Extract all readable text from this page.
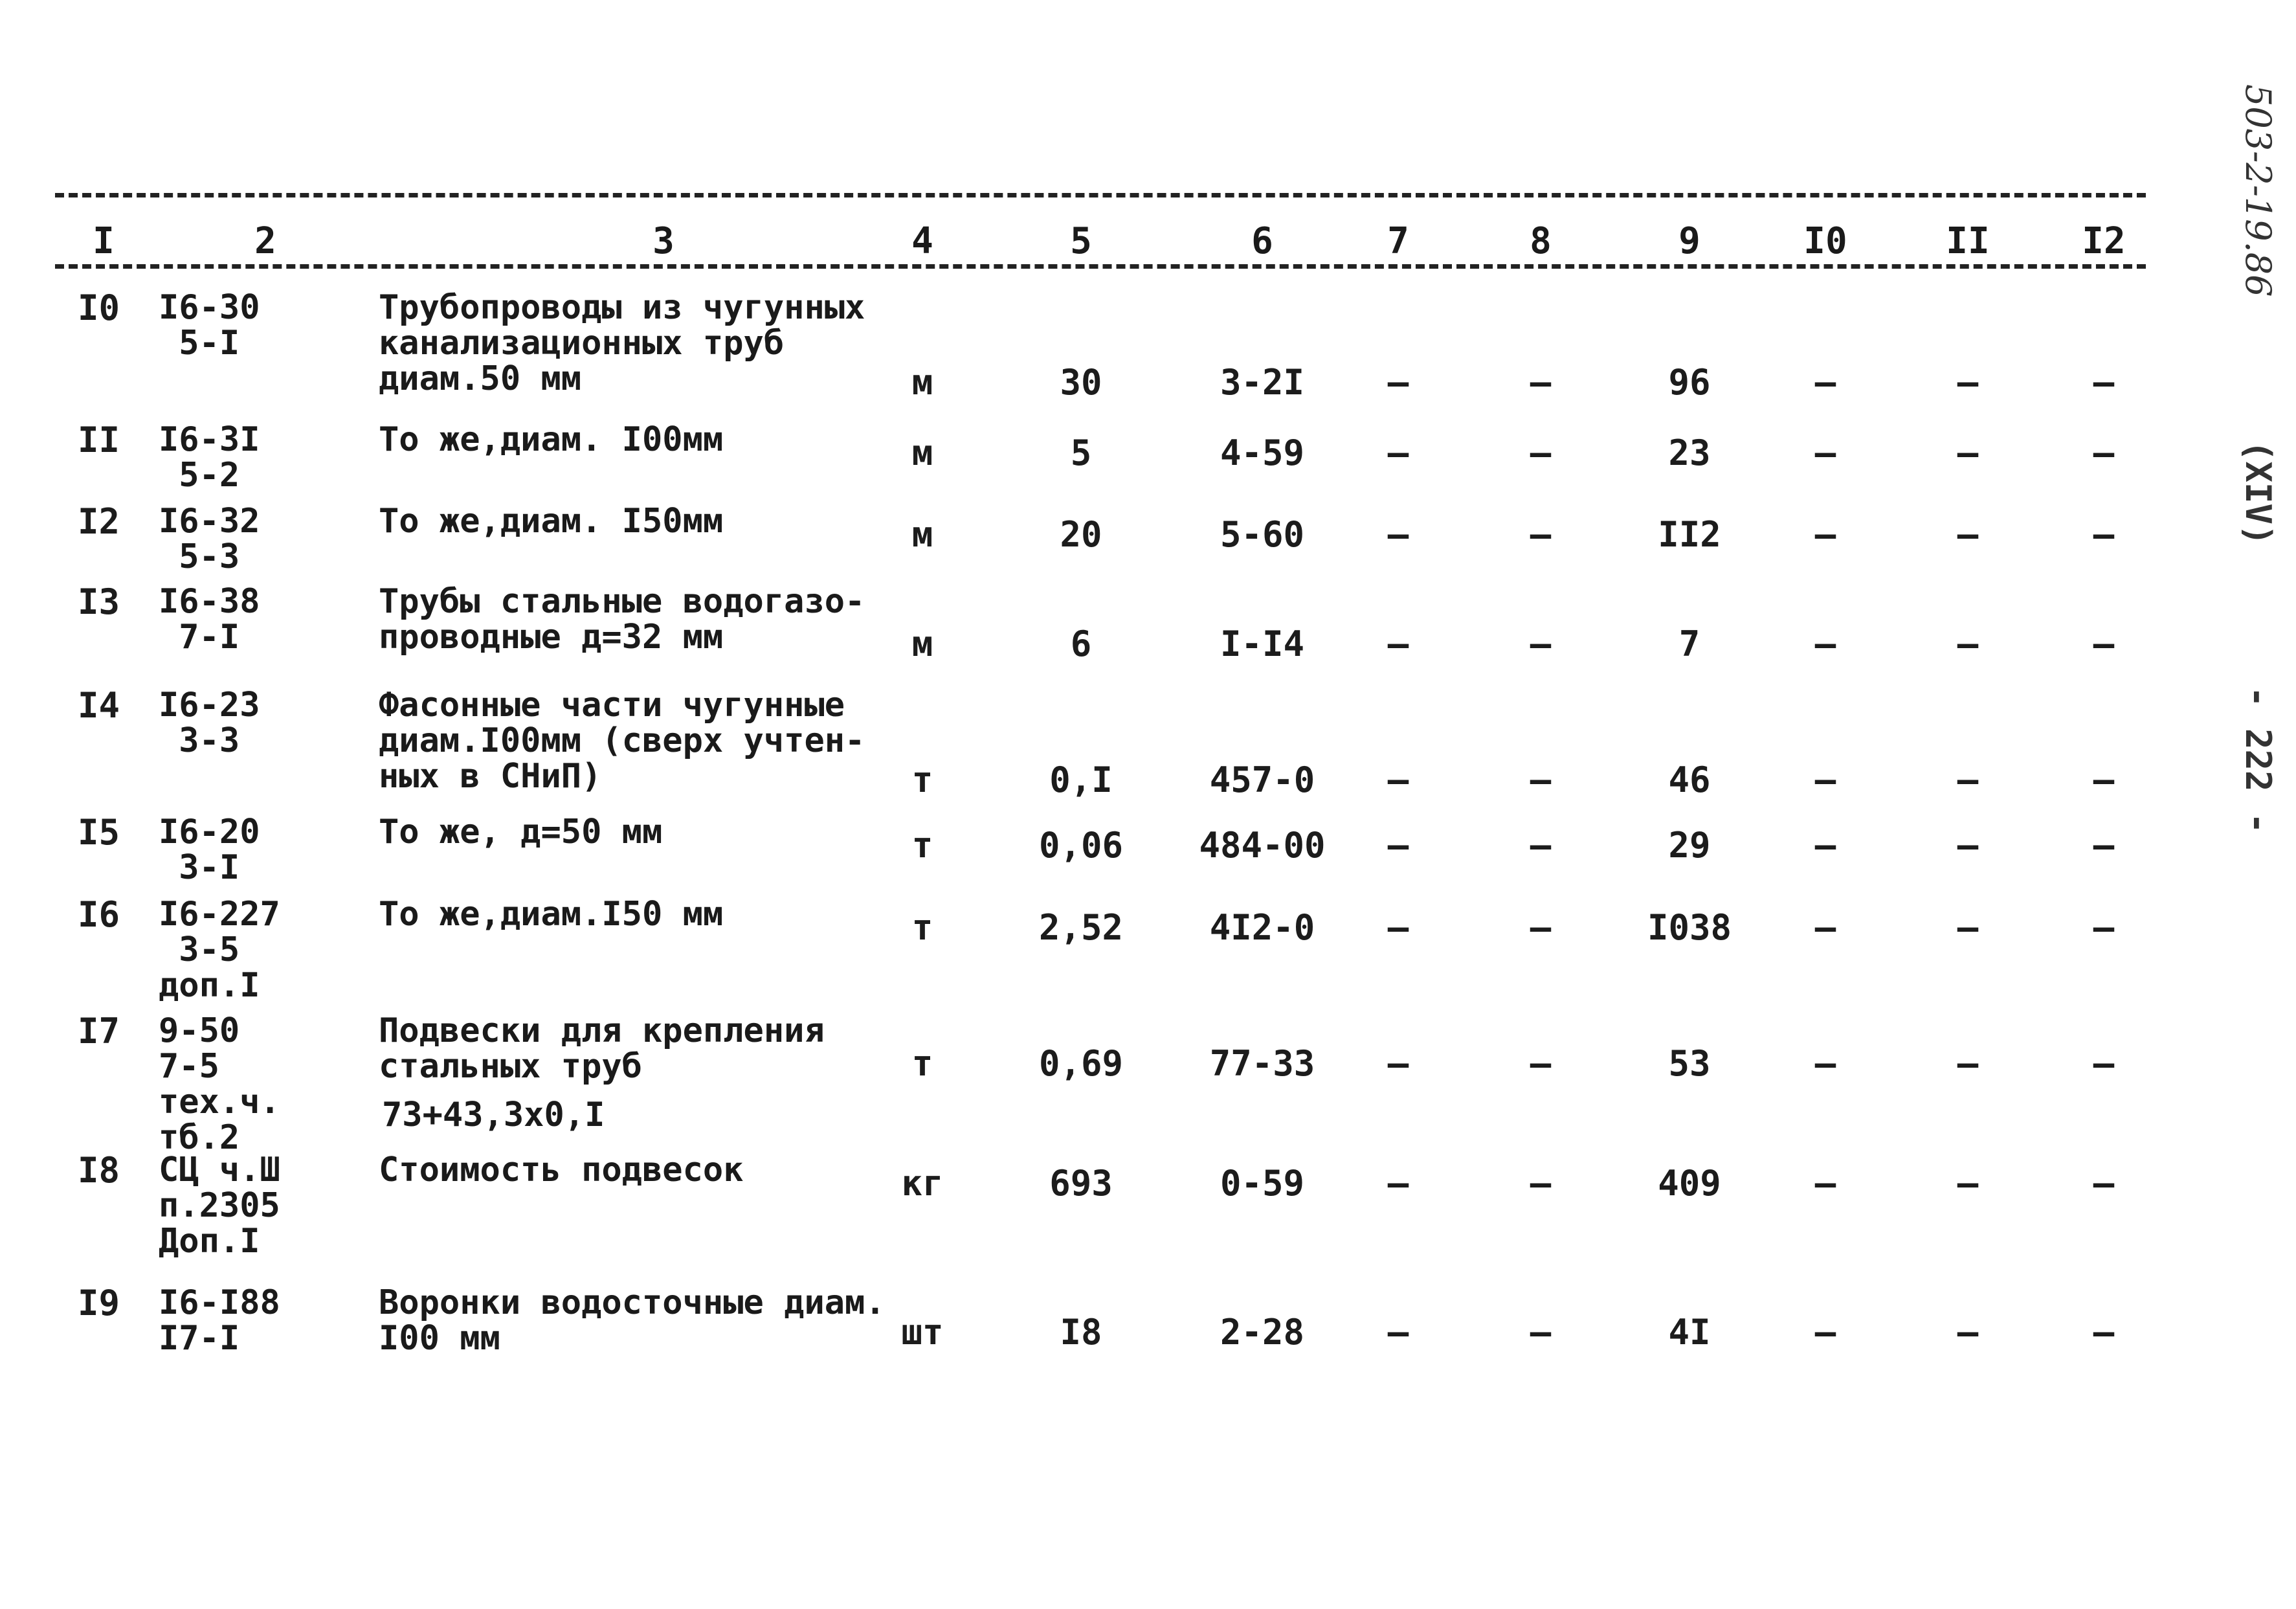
I	2	3	4	5	6	7	8	9	I0	II	I2
I0 I6-30
5-I
Трубопроводы из чугунных
канализационных труб
диам.50 мм	м	30	3-2I –	–	96	–	–	–
II I6-3I
5-2
То же,диам. I00мм	м	5	4-59 –	–	23	–	–	–
I2 I6-32
5-3
То же,диам. I50мм	м	20	5-60 –	–	II2	–	–	–
I3 I6-38
7-I
Трубы стальные водогазо-
проводные д=32 мм	м	6	I-I4 –	–	7	–	–	–
I4 I6-23
3-3
Фасонные части чугунные
диам.I00мм (сверх учтен-
ных в СНиП)	т	0,I	457-0 –	–	46	–	–	–
I5 I6-20
3-I
То же, д=50 мм	т	0,06 484-00 –	–	29	–	–	–
I6 I6-227
3-5
доп.I
То же,диам.I50 мм	т	2,52 4I2-0 –	–	I038 –	–	–
I7 9-50
7-5
тех.ч.
тб.2
Подвески для крепления
стальных труб
73+43,3х0,I
т	0,69 77-33 –	–	53	–	–	–
I8 СЦ ч.Ш
п.2305
Доп.I
Стоимость подвесок	кг	693	0-59 –	–	409	–	–	–
I9 I6-I88
I7-I
Воронки водосточные диам.
I00 мм	шт	I8	2-28 –	–	4I	–	–	–
503-2-19.86
(XIV)
- 222 -
